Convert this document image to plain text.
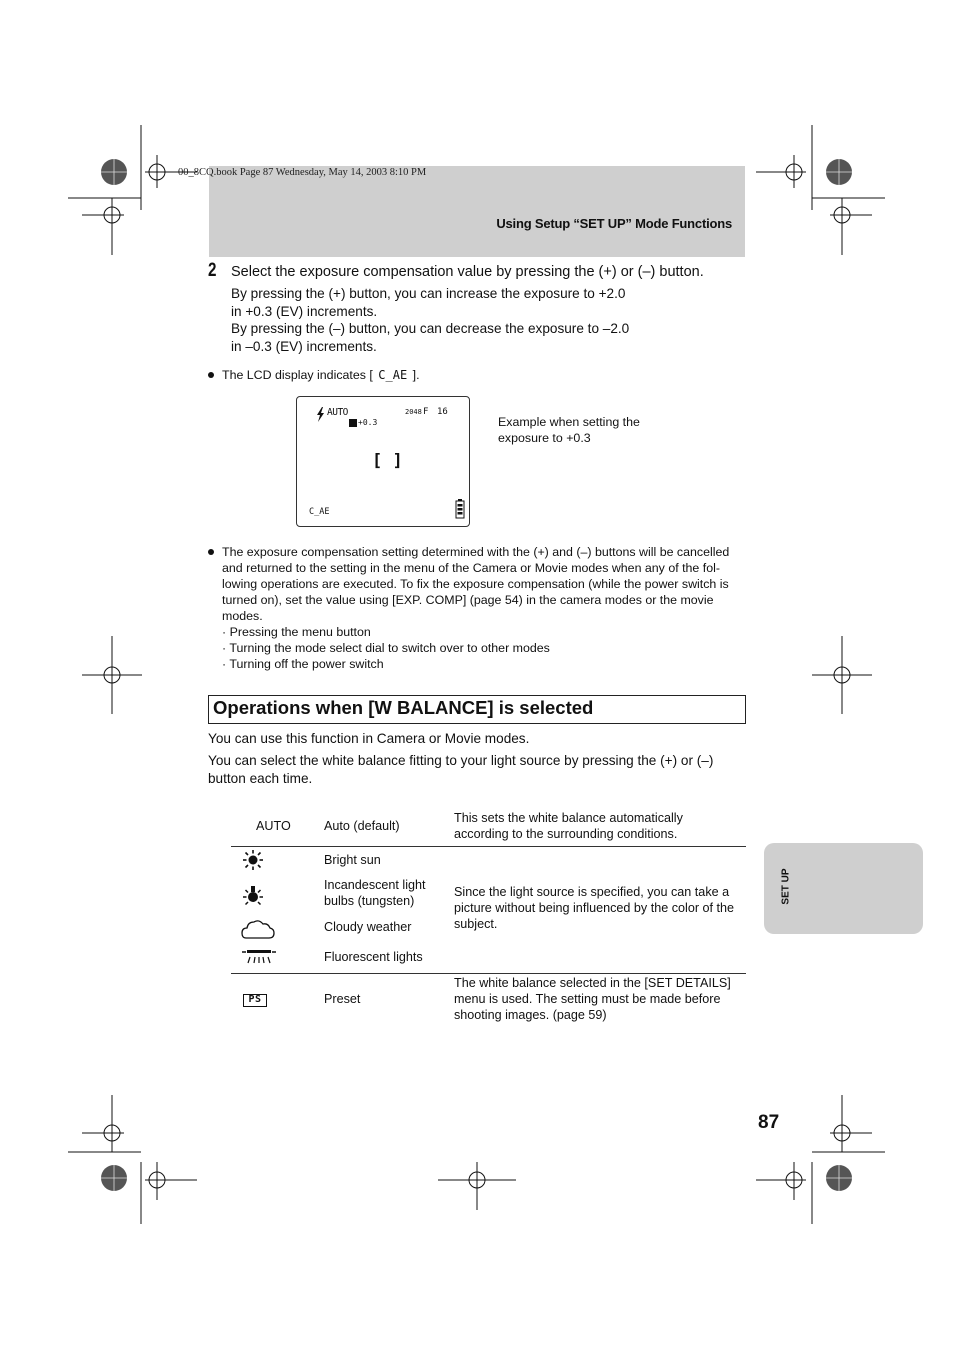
00_8CQ.book Page 87 Wednesday, May 14, 2003 8:10 PM
Using Setup “SET UP” Mode Functions
2 Select the exposure compensation value by pressing the (+) or (–) button.
By pressing the (+) button, you can increase the exposure to +2.0
in +0.3 (EV) increments.
By pressing the (–) button, you can decrease the exposure to –2.0
in –0.3 (EV) increments.
The LCD display indicates [ C_AE ].
AUTO
+0.3
2048 F 16
[ ]
C_AE
Example when setting the
exposure to +0.3
The exposure compensation setting determined with the (+) and (–) buttons will be cancelled
and returned to the setting in the menu of the Camera or Movie modes when any of the fol-
lowing operations are executed. To fix the exposure compensation (while the power switch is
turned on), set the value using [EXP. COMP] (page 54) in the camera modes or the movie
modes.
· Pressing the menu button
· Turning the mode select dial to switch over to other modes
· Turning off the power switch
Operations when [W BALANCE] is selected
You can use this function in Camera or Movie modes.
You can select the white balance fitting to your light source by pressing the (+) or (–)
button each time.
AUTO	Auto (default)
This sets the white balance automatically
according to the surrounding conditions.
Bright sun
Incandescent light
bulbs (tungsten)
Cloudy weather
Fluorescent lights
Since the light source is specified, you can take a
picture without being influenced by the color of the
subject.
PS	Preset
The white balance selected in the [SET DETAILS]
menu is used. The setting must be made before
shooting images. (page 59)
SET UP
87
